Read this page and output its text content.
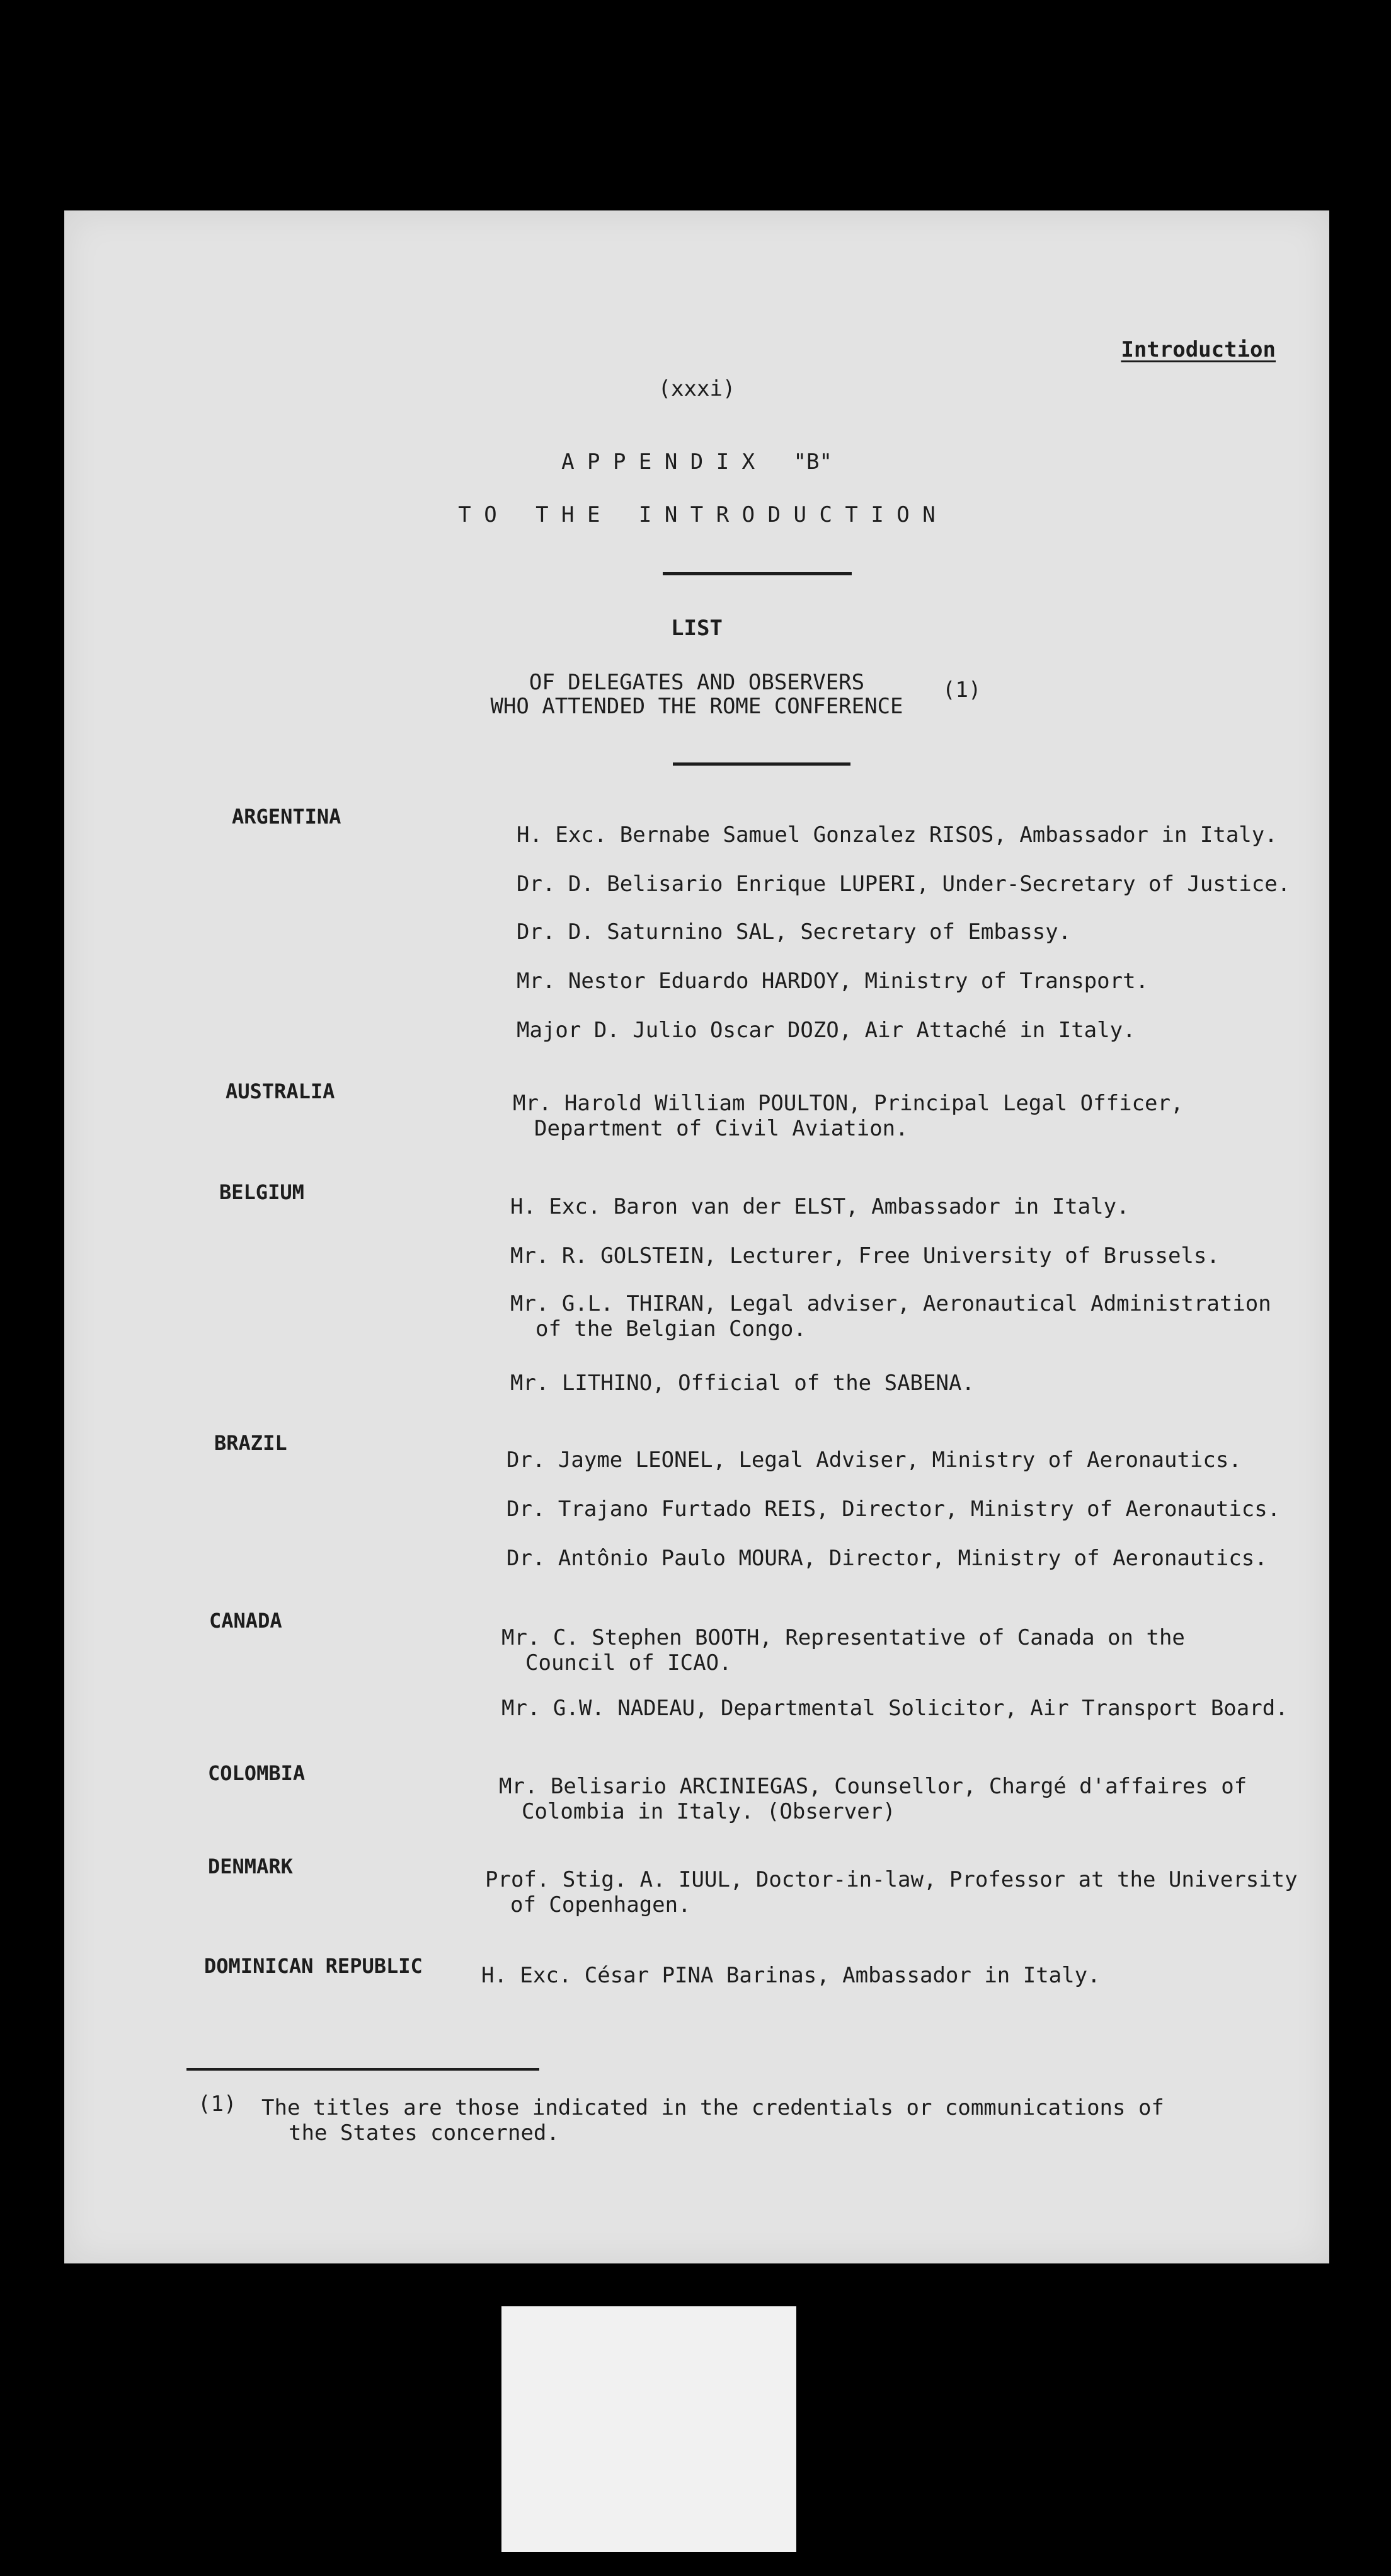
Introduction
(xxxi)
A P P E N D I X   "B"
T O   T H E   I N T R O D U C T I O N
LIST
OF DELEGATES AND OBSERVERS
WHO ATTENDED THE ROME CONFERENCE
(1)
ARGENTINA
H. Exc. Bernabe Samuel Gonzalez RISOS, Ambassador in Italy.
Dr. D. Belisario Enrique LUPERI, Under-Secretary of Justice.
Dr. D. Saturnino SAL, Secretary of Embassy.
Mr. Nestor Eduardo HARDOY, Ministry of Transport.
Major D. Julio Oscar DOZO, Air Attaché in Italy.
AUSTRALIA	Mr. Harold William POULTON, Principal Legal Officer,
Department of Civil Aviation.
BELGIUM
H. Exc. Baron van der ELST, Ambassador in Italy.
Mr. R. GOLSTEIN, Lecturer, Free University of Brussels.
Mr. G.L. THIRAN, Legal adviser, Aeronautical Administration
of the Belgian Congo.
Mr. LITHINO, Official of the SABENA.
BRAZIL
Dr. Jayme LEONEL, Legal Adviser, Ministry of Aeronautics.
Dr. Trajano Furtado REIS, Director, Ministry of Aeronautics.
Dr. Antônio Paulo MOURA, Director, Ministry of Aeronautics.
CANADA
Mr. C. Stephen BOOTH, Representative of Canada on the
Council of ICAO.
Mr. G.W. NADEAU, Departmental Solicitor, Air Transport Board.
COLOMBIA
Mr. Belisario ARCINIEGAS, Counsellor, Chargé d'affaires of
Colombia in Italy. (Observer)
DENMARK
Prof. Stig. A. IUUL, Doctor-in-law, Professor at the University
of Copenhagen.
DOMINICAN REPUBLIC	H. Exc. César PINA Barinas, Ambassador in Italy.
(1) The titles are those indicated in the credentials or communications of
the States concerned.
